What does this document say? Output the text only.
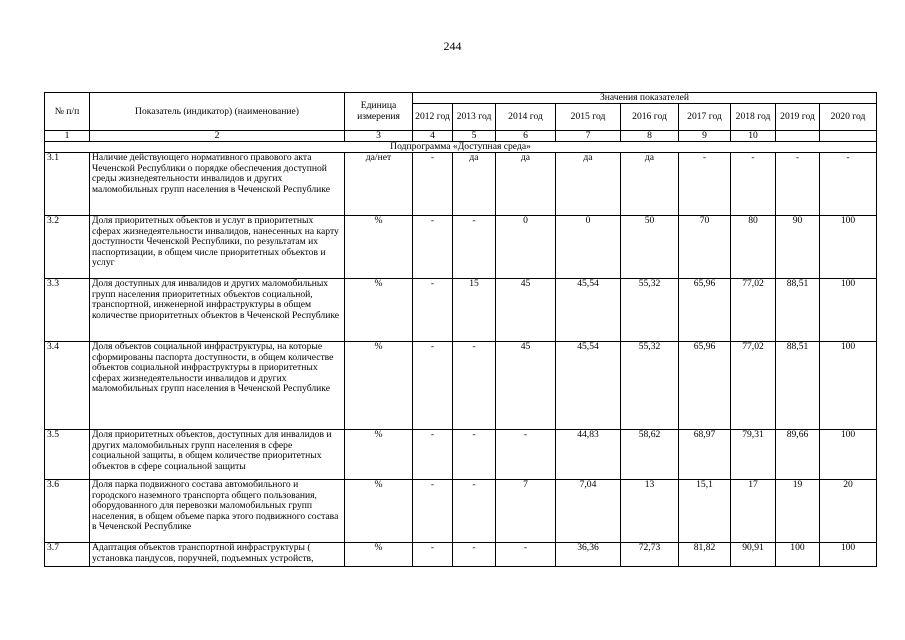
244
№ п/п	Показатель (индикатор) (наименование)	Единица измерения	Значения показателей								
			2012 год	2013 год	2014 год	2015 год	2016 год	2017 год	2018 год	2019 год	2020 год
1	2	3	4	5	6	7	8	9	10		
Подпрограмма «Доступная среда»											
3.1	Наличие действующего нормативного правового акта Чеченской Республики о порядке обеспечения доступной среды жизнедеятельности инвалидов и других маломобильных групп населения в Чеченской Республике	да/нет	-	да	да	да	да	-	-	-	-
3.2	Доля приоритетных объектов и услуг в приоритетных сферах жизнедеятельности инвалидов, нанесенных на карту доступности Чеченской Республики, по результатам их паспортизации, в общем числе приоритетных объектов и услуг	%	-	-	0	0	50	70	80	90	100
3.3	Доля доступных для инвалидов и других маломобильных групп населения приоритетных объектов социальной, транспортной, инженерной инфраструктуры в общем количестве приоритетных объектов в Чеченской Республике	%	-	15	45	45,54	55,32	65,96	77,02	88,51	100
3.4	Доля объектов социальной инфраструктуры, на которые сформированы паспорта доступности, в общем количестве объектов социальной инфраструктуры в приоритетных сферах жизнедеятельности инвалидов и других маломобильных групп населения в Чеченской Республике	%	-	-	45	45,54	55,32	65,96	77,02	88,51	100
3.5	Доля приоритетных объектов, доступных для инвалидов и других маломобильных групп населения в сфере социальной защиты, в общем количестве приоритетных объектов в сфере социальной защиты	%	-	-	-	44,83	58,62	68,97	79,31	89,66	100
3.6	Доля парка подвижного состава автомобильного и городского наземного транспорта общего пользования, оборудованного для перевозки маломобильных групп населения, в общем объеме парка этого подвижного состава в Чеченской Республике	%	-	-	7	7,04	13	15,1	17	19	20
3.7	Адаптация объектов транспортной инфраструктуры ( установка пандусов, поручней, подъемных устройств,	%	-	-	-	36,36	72,73	81,82	90,91	100	100
